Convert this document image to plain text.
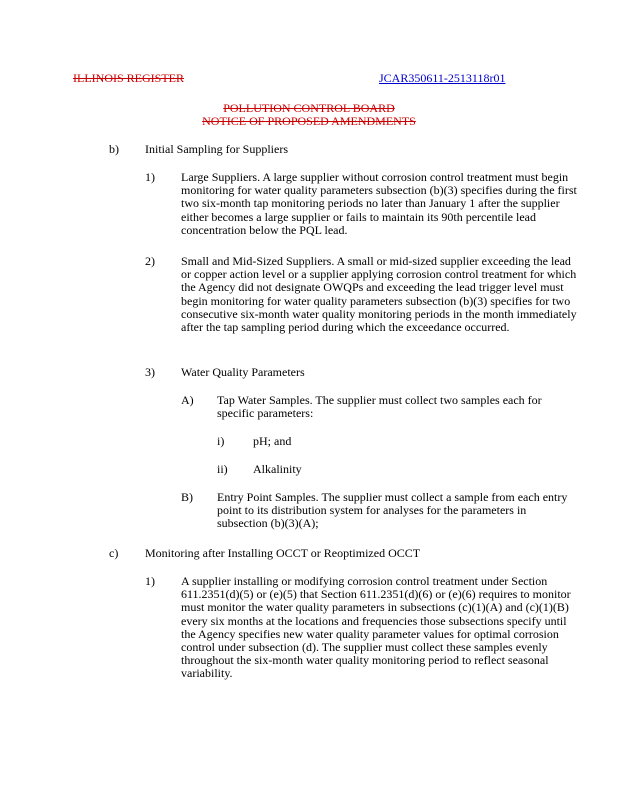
ILLINOIS REGISTER	JCAR350611-2513118r01
POLLUTION CONTROL BOARD
NOTICE OF PROPOSED AMENDMENTS
b) Initial Sampling for Suppliers
1) Large Suppliers. A large supplier without corrosion control treatment must begin monitoring for water quality parameters subsection (b)(3) specifies during the first two six-month tap monitoring periods no later than January 1 after the supplier either becomes a large supplier or fails to maintain its 90th percentile lead concentration below the PQL lead.
2) Small and Mid-Sized Suppliers. A small or mid-sized supplier exceeding the lead or copper action level or a supplier applying corrosion control treatment for which the Agency did not designate OWQPs and exceeding the lead trigger level must begin monitoring for water quality parameters subsection (b)(3) specifies for two consecutive six-month water quality monitoring periods in the month immediately after the tap sampling period during which the exceedance occurred.
3) Water Quality Parameters
A) Tap Water Samples. The supplier must collect two samples each for specific parameters:
i) pH; and
ii) Alkalinity
B) Entry Point Samples. The supplier must collect a sample from each entry point to its distribution system for analyses for the parameters in subsection (b)(3)(A);
c) Monitoring after Installing OCCT or Reoptimized OCCT
1) A supplier installing or modifying corrosion control treatment under Section 611.2351(d)(5) or (e)(5) that Section 611.2351(d)(6) or (e)(6) requires to monitor must monitor the water quality parameters in subsections (c)(1)(A) and (c)(1)(B) every six months at the locations and frequencies those subsections specify until the Agency specifies new water quality parameter values for optimal corrosion control under subsection (d). The supplier must collect these samples evenly throughout the six-month water quality monitoring period to reflect seasonal variability.
